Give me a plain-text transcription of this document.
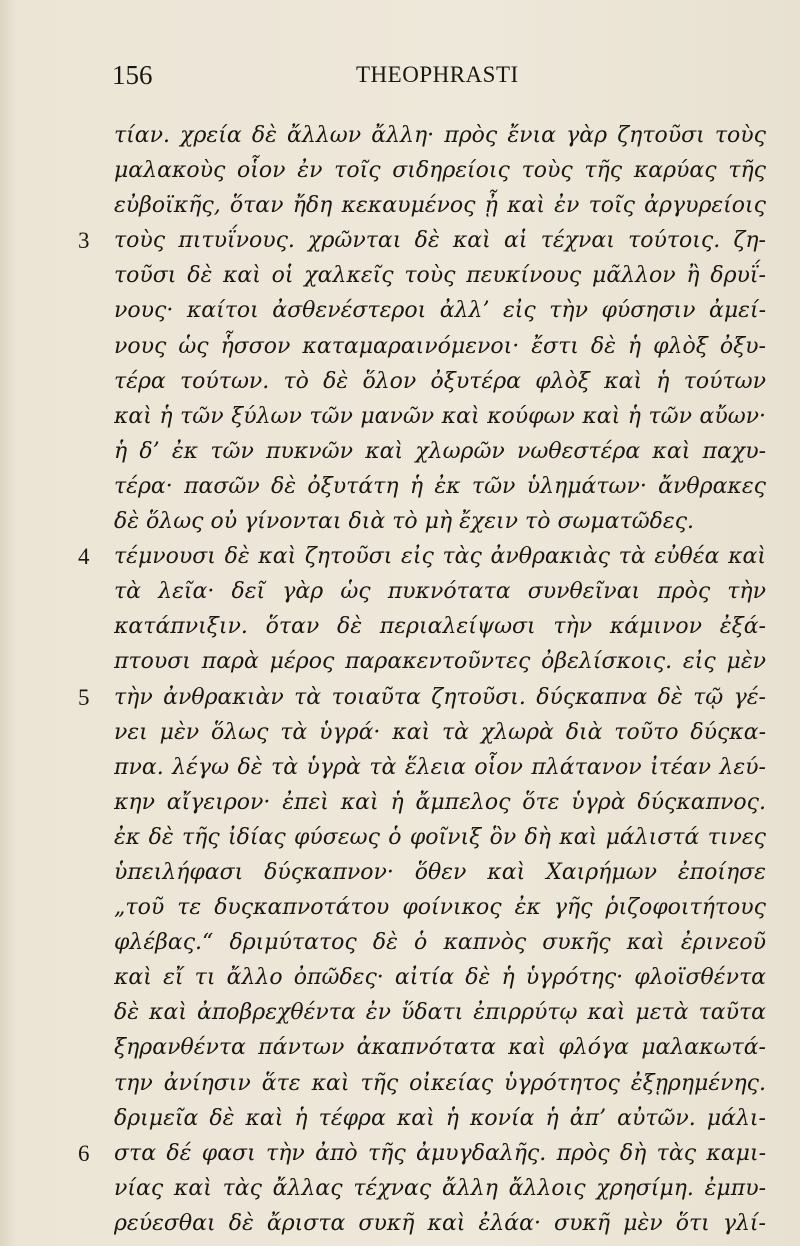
156	THEOPHRASTI
τίαν. χρεία δὲ ἄλλων ἄλλη· πρὸς ἔνια γὰρ ζητοῦσι τοὺς
μαλακοὺς οἷον ἐν τοῖς σιδηρείοις τοὺς τῆς καρύας τῆς
εὐβοϊκῆς, ὅταν ἤδη κεκαυμένος ᾖ καὶ ἐν τοῖς ἀργυρείοις
3	τοὺς πιτυΐνους. χρῶνται δὲ καὶ αἱ τέχναι τούτοις. ζη-
τοῦσι δὲ καὶ οἱ χαλκεῖς τοὺς πευκίνους μᾶλλον ἢ δρυΐ-
νους· καίτοι ἀσθενέστεροι ἀλλ’ εἰς τὴν φύσησιν ἀμεί-
νους ὡς ἧσσον καταμαραινόμενοι· ἔστι δὲ ἡ φλὸξ ὀξυ-
τέρα τούτων. τὸ δὲ ὅλον ὀξυτέρα φλὸξ καὶ ἡ τούτων
καὶ ἡ τῶν ξύλων τῶν μανῶν καὶ κούφων καὶ ἡ τῶν αὔων·
ἡ δ’ ἐκ τῶν πυκνῶν καὶ χλωρῶν νωθεστέρα καὶ παχυ-
τέρα· πασῶν δὲ ὀξυτάτη ἡ ἐκ τῶν ὑλημάτων· ἄνθρακες
δὲ ὅλως οὐ γίνονται διὰ τὸ μὴ ἔχειν τὸ σωματῶδες.
4	τέμνουσι δὲ καὶ ζητοῦσι εἰς τὰς ἀνθρακιὰς τὰ εὐθέα καὶ
τὰ λεῖα· δεῖ γὰρ ὡς πυκνότατα συνθεῖναι πρὸς τὴν
κατάπνιξιν. ὅταν δὲ περιαλείψωσι τὴν κάμινον ἐξά-
πτουσι παρὰ μέρος παρακεντοῦντες ὀβελίσκοις. εἰς μὲν
5	τὴν ἀνθρακιὰν τὰ τοιαῦτα ζητοῦσι. δύςκαπνα δὲ τῷ γέ-
νει μὲν ὅλως τὰ ὑγρά· καὶ τὰ χλωρὰ διὰ τοῦτο δύςκα-
πνα. λέγω δὲ τὰ ὑγρὰ τὰ ἕλεια οἷον πλάτανον ἰτέαν λεύ-
κην αἴγειρον· ἐπεὶ καὶ ἡ ἄμπελος ὅτε ὑγρὰ δύςκαπνος.
ἐκ δὲ τῆς ἰδίας φύσεως ὁ φοῖνιξ ὃν δὴ καὶ μάλιστά τινες
ὑπειλήφασι δύςκαπνον· ὅθεν καὶ Χαιρήμων ἐποίησε
„τοῦ τε δυςκαπνοτάτου φοίνικος ἐκ γῆς ῥιζοφοιτήτους
φλέβας.“ δριμύτατος δὲ ὁ καπνὸς συκῆς καὶ ἐρινεοῦ
καὶ εἴ τι ἄλλο ὀπῶδες· αἰτία δὲ ἡ ὑγρότης· φλοϊσθέντα
δὲ καὶ ἀποβρεχθέντα ἐν ὕδατι ἐπιρρύτῳ καὶ μετὰ ταῦτα
ξηρανθέντα πάντων ἀκαπνότατα καὶ φλόγα μαλακωτά-
την ἀνίησιν ἅτε καὶ τῆς οἰκείας ὑγρότητος ἐξῃρημένης.
δριμεῖα δὲ καὶ ἡ τέφρα καὶ ἡ κονία ἡ ἀπ’ αὐτῶν. μάλι-
6	στα δέ φασι τὴν ἀπὸ τῆς ἀμυγδαλῆς. πρὸς δὴ τὰς καμι-
νίας καὶ τὰς ἄλλας τέχνας ἄλλη ἄλλοις χρησίμη. ἐμπυ-
ρεύεσθαι δὲ ἄριστα συκῆ καὶ ἐλάα· συκῆ μὲν ὅτι γλί-
